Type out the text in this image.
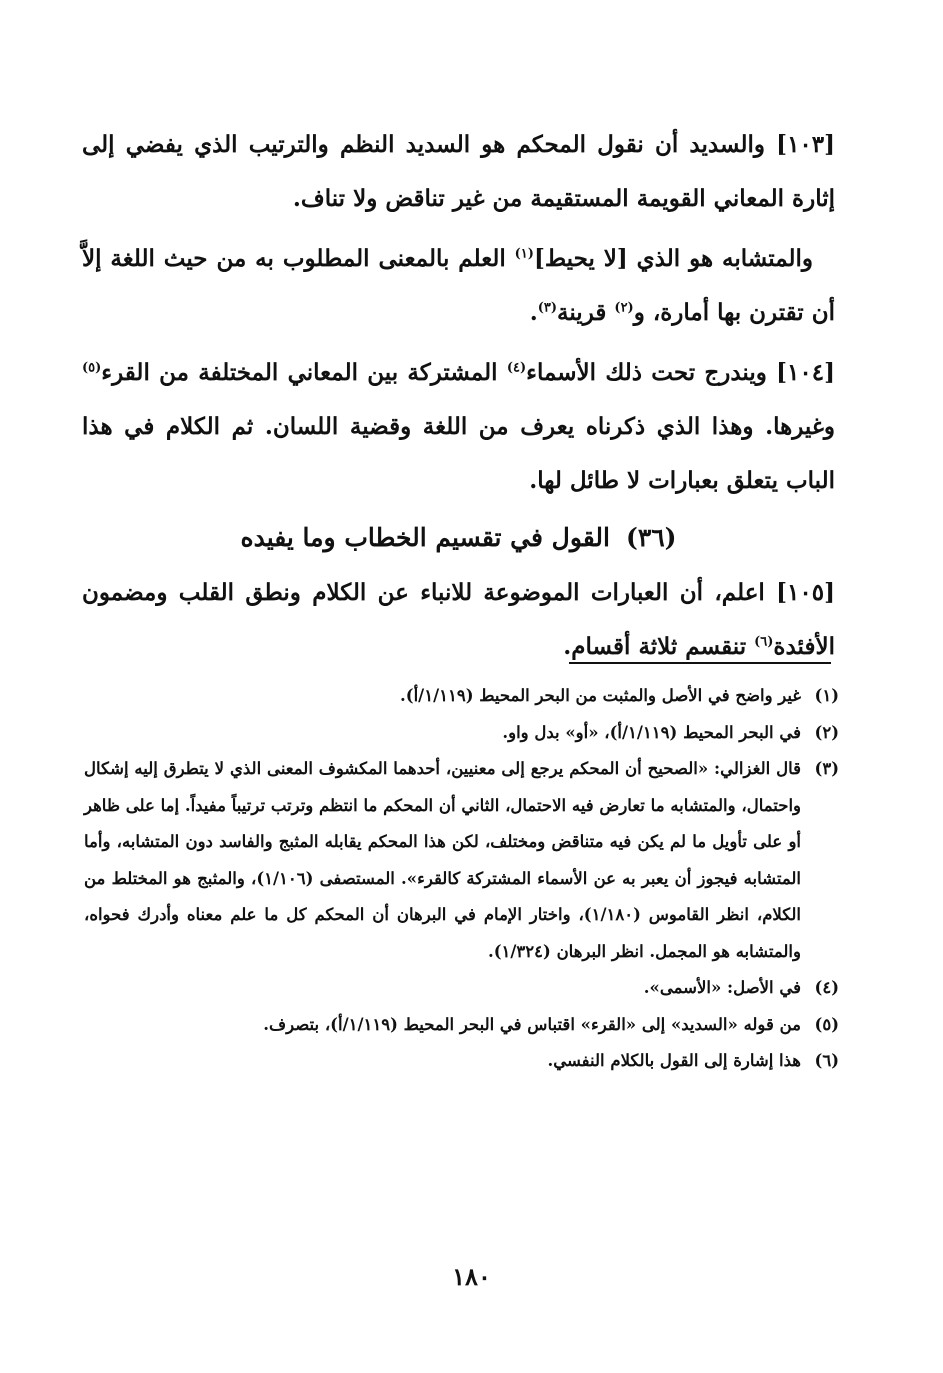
[١٠٣] والسديد أن نقول المحكم هو السديد النظم والترتيب الذي يفضي إلى إثارة المعاني القويمة المستقيمة من غير تناقض ولا تناف.

والمتشابه هو الذي [لا يحيط]$^{(١)}$ العلم بالمعنى المطلوب به من حيث اللغة إلاَّ أن تقترن بها أمارة، و$^{(٢)}$ قرينة$^{(٣)}$.

[١٠٤] ويندرج تحت ذلك الأسماء$^{(٤)}$ المشتركة بين المعاني المختلفة من القرء$^{(٥)}$ وغيرها. وهذا الذي ذكرناه يعرف من اللغة وقضية اللسان. ثم الكلام في هذا الباب يتعلق بعبارات لا طائل لها.

(٣٦)القول في تقسيم الخطاب وما يفيده

[١٠٥] اعلم، أن العبارات الموضوعة للانباء عن الكلام ونطق القلب ومضمون الأفئدة$^{(٦)}$ تنقسم ثلاثة أقسام.

(١)
غير واضح في الأصل والمثبت من البحر المحيط (١/١١٩/أ).
(٢)
في البحر المحيط (١/١١٩/أ)، «أو» بدل واو.
(٣)
قال الغزالي: «الصحيح أن المحكم يرجع إلى معنيين، أحدهما المكشوف المعنى الذي لا يتطرق إليه إشكال واحتمال، والمتشابه ما تعارض فيه الاحتمال، الثاني أن المحكم ما انتظم وترتب ترتيباً مفيداً. إما على ظاهر أو على تأويل ما لم يكن فيه متناقض ومختلف، لكن هذا المحكم يقابله المثبج والفاسد دون المتشابه، وأما المتشابه فيجوز أن يعبر به عن الأسماء المشتركة كالقرء». المستصفى (١/١٠٦)، والمثبج هو المختلط من الكلام، انظر القاموس (١/١٨٠)، واختار الإمام في البرهان أن المحكم كل ما علم معناه وأدرك فحواه، والمتشابه هو المجمل. انظر البرهان (١/٣٢٤).
(٤)
في الأصل: «الأسمى».
(٥)
من قوله «السديد» إلى «القرء» اقتباس في البحر المحيط (١/١١٩/أ)، بتصرف.
(٦)
هذا إشارة إلى القول بالكلام النفسي.
١٨٠
